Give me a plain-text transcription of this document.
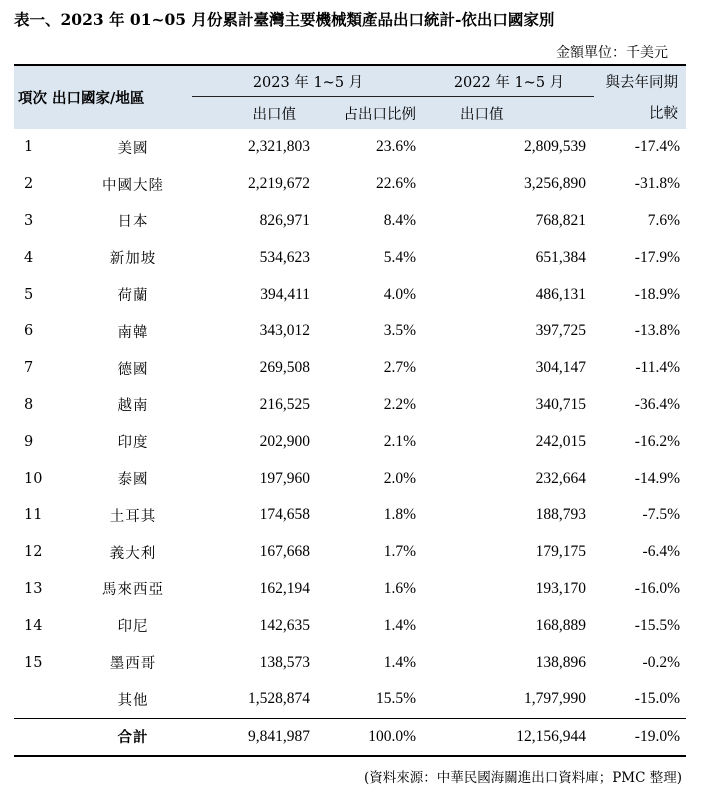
表一、2023 年 01~05 月份累計臺灣主要機械類產品出口統計-依出口國家別
金額單位：千美元
項次 出口國家/地區		2023 年 1~5 月		2022 年 1~5 月	與去年同期
		出口值	占出口比例	出口值	比較
1	美國	2,321,803	23.6%	2,809,539	-17.4%
2	中國大陸	2,219,672	22.6%	3,256,890	-31.8%
3	日本	826,971	8.4%	768,821	7.6%
4	新加坡	534,623	5.4%	651,384	-17.9%
5	荷蘭	394,411	4.0%	486,131	-18.9%
6	南韓	343,012	3.5%	397,725	-13.8%
7	德國	269,508	2.7%	304,147	-11.4%
8	越南	216,525	2.2%	340,715	-36.4%
9	印度	202,900	2.1%	242,015	-16.2%
10	泰國	197,960	2.0%	232,664	-14.9%
11	土耳其	174,658	1.8%	188,793	-7.5%
12	義大利	167,668	1.7%	179,175	-6.4%
13	馬來西亞	162,194	1.6%	193,170	-16.0%
14	印尼	142,635	1.4%	168,889	-15.5%
15	墨西哥	138,573	1.4%	138,896	-0.2%
	其他	1,528,874	15.5%	1,797,990	-15.0%
	合計	9,841,987	100.0%	12,156,944	-19.0%
(資料來源：中華民國海關進出口資料庫；PMC 整理)
